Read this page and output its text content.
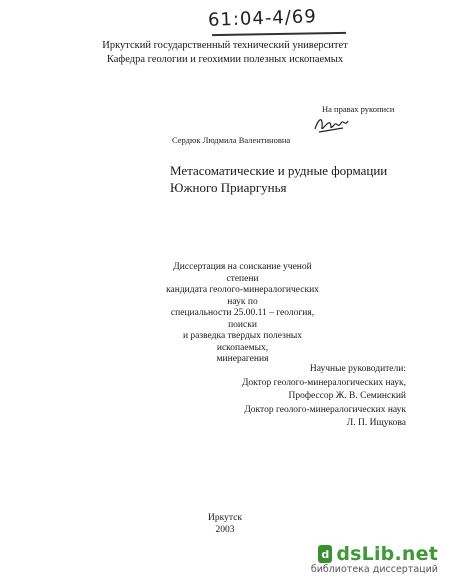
61:04-4/69
Иркутский государственный технический университет
Кафедра геологии и геохимии полезных ископаемых
На правах рукописи
Сердюк Людмила Валентиновна
Метасоматические и рудные формации Южного Приаргунья
Диссертация на соискание ученой степени
кандидата геолого-минералогических наук по
специальности 25.00.11 – геология, поиски
и разведка твердых полезных ископаемых,
минерагения
Научные руководители:
Доктор геолого-минералогических наук,
Профессор Ж. В. Семинский
Доктор геолого-минералогических наук
Л. П. Ищукова
Иркутск
2003
d dsLib.net
библиотека диссертаций
